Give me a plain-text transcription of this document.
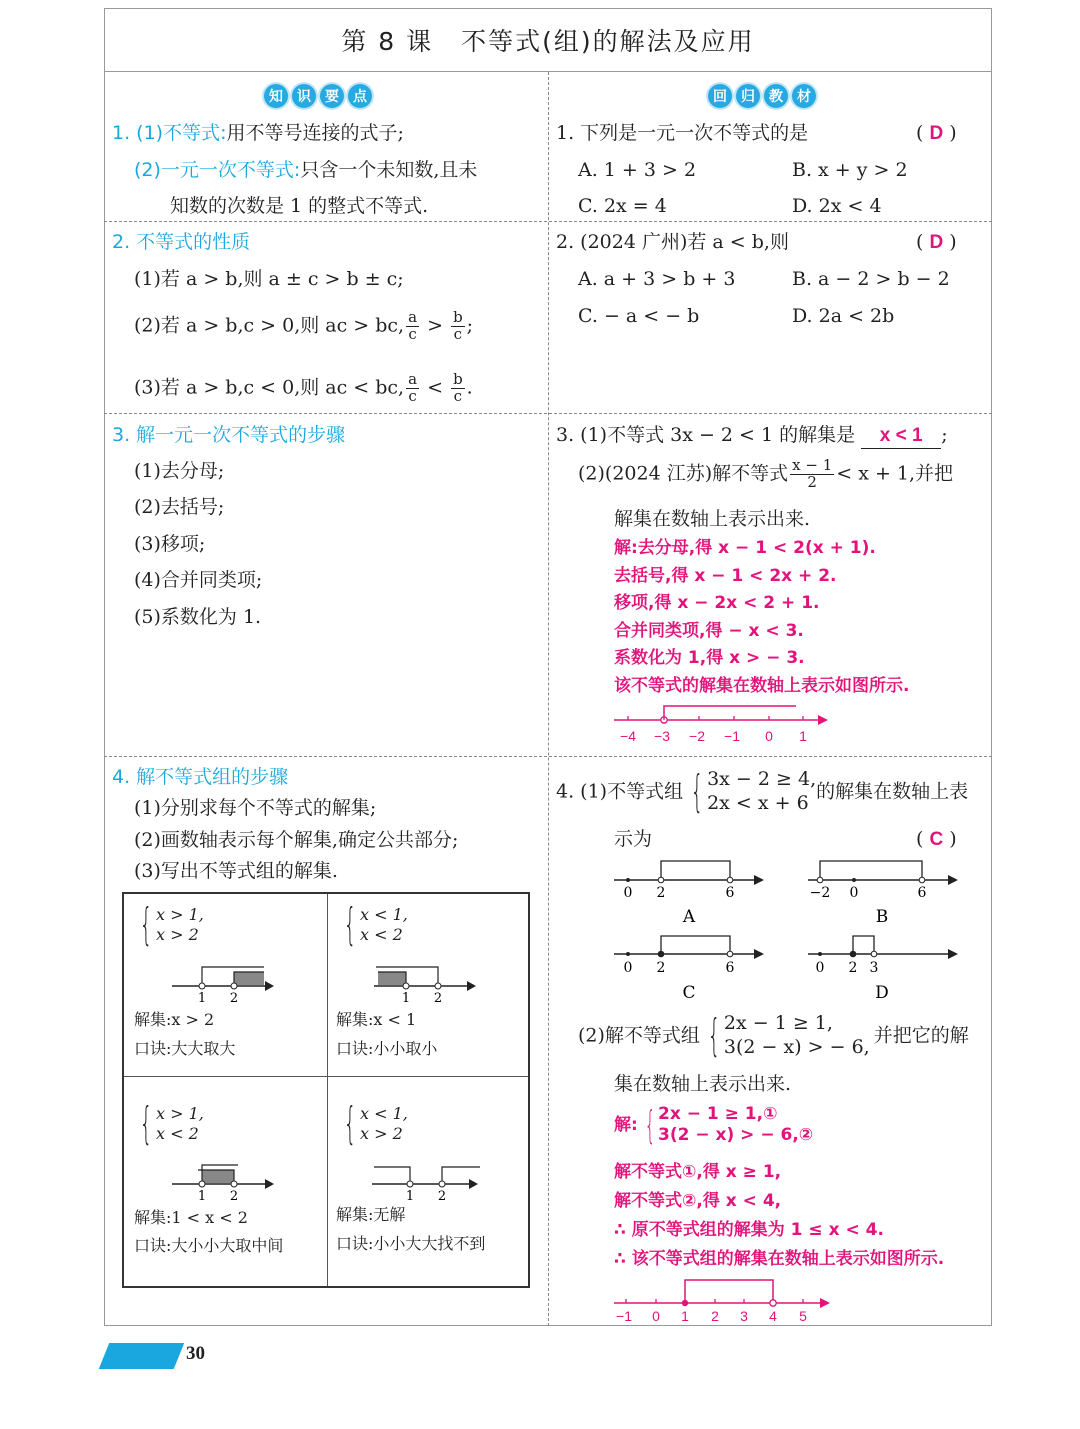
第 8 课 不等式(组)的解法及应用
知	识	要	点	回	归	教	材
1. (1)不等式:用不等号连接的式子;
(2)一元一次不等式:只含一个未知数,且未
知数的次数是 1 的整式不等式.
1. 下列是一元一次不等式的是	( D )
A. 1 + 3 > 2	B. x + y > 2
C. 2x = 4	D. 2x < 4
2. 不等式的性质
(1)若 a > b,则 a ± c > b ± c;
(2)若 a > b,c > 0,则 ac > bc, $\frac{a}{c} > \frac{b}{c}$ ;
(3)若 a > b,c < 0,则 ac < bc, $\frac{a}{c} < \frac{b}{c}$ .
2. (2024 广州)若 a < b,则	( D )
A. a + 3 > b + 3	B. a − 2 > b − 2
C. − a < − b	D. 2a < 2b
3. 解一元一次不等式的步骤
(1)去分母;
(2)去括号;
(3)移项;
(4)合并同类项;
(5)系数化为 1.
3. (1)不等式 3x − 2 < 1 的解集是 x < 1 ;
(2)(2024 江苏)解不等式 $\frac{x - 1}{2} < x + 1$,并把
解集在数轴上表示出来.
解:去分母,得 x − 1 < 2(x + 1).
去括号,得 x − 1 < 2x + 2.
移项,得 x − 2x < 2 + 1.
合并同类项,得 − x < 3.
系数化为 1,得 x > − 3.
该不等式的解集在数轴上表示如图所示.
−4 −3 −2 −1 0 1
4. 解不等式组的步骤
(1)分别求每个不等式的解集;
(2)画数轴表示每个解集,确定公共部分;
(3)写出不等式组的解集.
{ x > 1,
x > 2
1 2
解集:x > 2
口诀:大大取大
{ x < 1,
x < 2
1 2
解集:x < 1
口诀:小小取小
{ x > 1,
x < 2
1 2
解集:1 < x < 2
口诀:大小小大取中间
{ x < 1,
x > 2
1 2
解集:无解
口诀:小小大大找不到
4. (1)不等式组 { 3x − 2 ≥ 4,
2x < x + 6
的解集在数轴上表
示为	( C )
0 2	6
A
−2 0	6
B
0 2	6
C
0 2 3
D
(2)解不等式组 { 2x − 1 ≥ 1,
3(2 − x) > − 6,
并把它的解
集在数轴上表示出来.
解: { 2x − 1 ≥ 1,①
3(2 − x) > − 6,②
解不等式①,得 x ≥ 1,
解不等式②,得 x < 4,
∴ 原不等式组的解集为 1 ≤ x < 4.
∴ 该不等式组的解集在数轴上表示如图所示.
−1 0 1 2 3 4 5
30
